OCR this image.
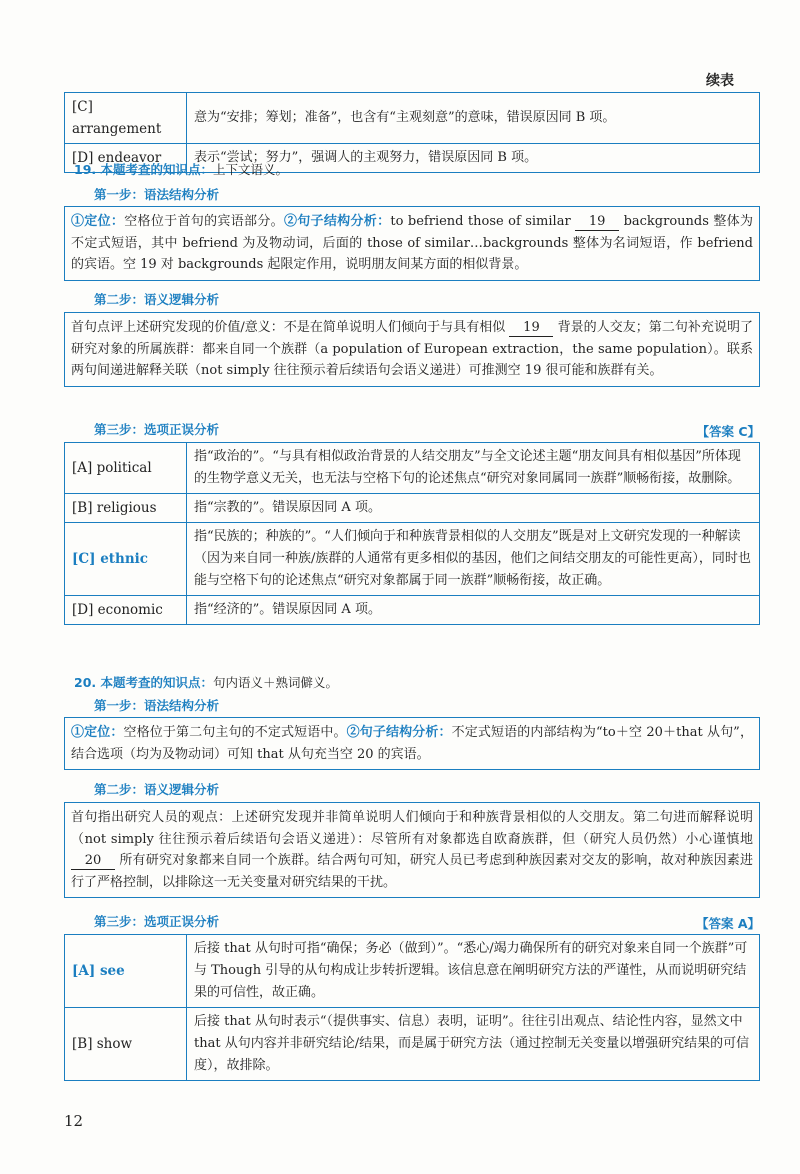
续表
[C] arrangement	意为“安排；筹划；准备”，也含有“主观刻意”的意味，错误原因同 B 项。
[D] endeavor	表示“尝试；努力”，强调人的主观努力，错误原因同 B 项。
19. 本题考查的知识点：上下文语义。
第一步：语法结构分析
①定位：空格位于首句的宾语部分。②句子结构分析：to befriend those of similar 19 backgrounds 整体为不定式短语，其中 befriend 为及物动词，后面的 those of similar…backgrounds 整体为名词短语，作 befriend 的宾语。空 19 对 backgrounds 起限定作用，说明朋友间某方面的相似背景。
第二步：语义逻辑分析
首句点评上述研究发现的价值/意义：不是在简单说明人们倾向于与具有相似 19 背景的人交友；第二句补充说明了研究对象的所属族群：都来自同一个族群（a population of European extraction，the same population）。联系两句间递进解释关联（not simply 往往预示着后续语句会语义递进）可推测空 19 很可能和族群有关。
第三步：选项正误分析	【答案 C】
[A] political	指“政治的”。“与具有相似政治背景的人结交朋友”与全文论述主题“朋友间具有相似基因”所体现的生物学意义无关，也无法与空格下句的论述焦点“研究对象同属同一族群”顺畅衔接，故删除。
[B] religious	指“宗教的”。错误原因同 A 项。
[C] ethnic	指“民族的；种族的”。“人们倾向于和种族背景相似的人交朋友”既是对上文研究发现的一种解读（因为来自同一种族/族群的人通常有更多相似的基因，他们之间结交朋友的可能性更高），同时也能与空格下句的论述焦点“研究对象都属于同一族群”顺畅衔接，故正确。
[D] economic	指“经济的”。错误原因同 A 项。
20. 本题考查的知识点：句内语义＋熟词僻义。
第一步：语法结构分析
①定位：空格位于第二句主句的不定式短语中。②句子结构分析：不定式短语的内部结构为“to＋空 20＋that 从句”，结合选项（均为及物动词）可知 that 从句充当空 20 的宾语。
第二步：语义逻辑分析
首句指出研究人员的观点：上述研究发现并非简单说明人们倾向于和种族背景相似的人交朋友。第二句进而解释说明（not simply 往往预示着后续语句会语义递进）：尽管所有对象都选自欧裔族群，但（研究人员仍然）小心谨慎地 20 所有研究对象都来自同一个族群。结合两句可知，研究人员已考虑到种族因素对交友的影响，故对种族因素进行了严格控制，以排除这一无关变量对研究结果的干扰。
第三步：选项正误分析	【答案 A】
[A] see	后接 that 从句时可指“确保；务必（做到）”。“悉心/竭力确保所有的研究对象来自同一个族群”可与 Though 引导的从句构成让步转折逻辑。该信息意在阐明研究方法的严谨性，从而说明研究结果的可信性，故正确。
[B] show	后接 that 从句时表示“（提供事实、信息）表明，证明”。往往引出观点、结论性内容，显然文中 that 从句内容并非研究结论/结果，而是属于研究方法（通过控制无关变量以增强研究结果的可信度），故排除。
12
